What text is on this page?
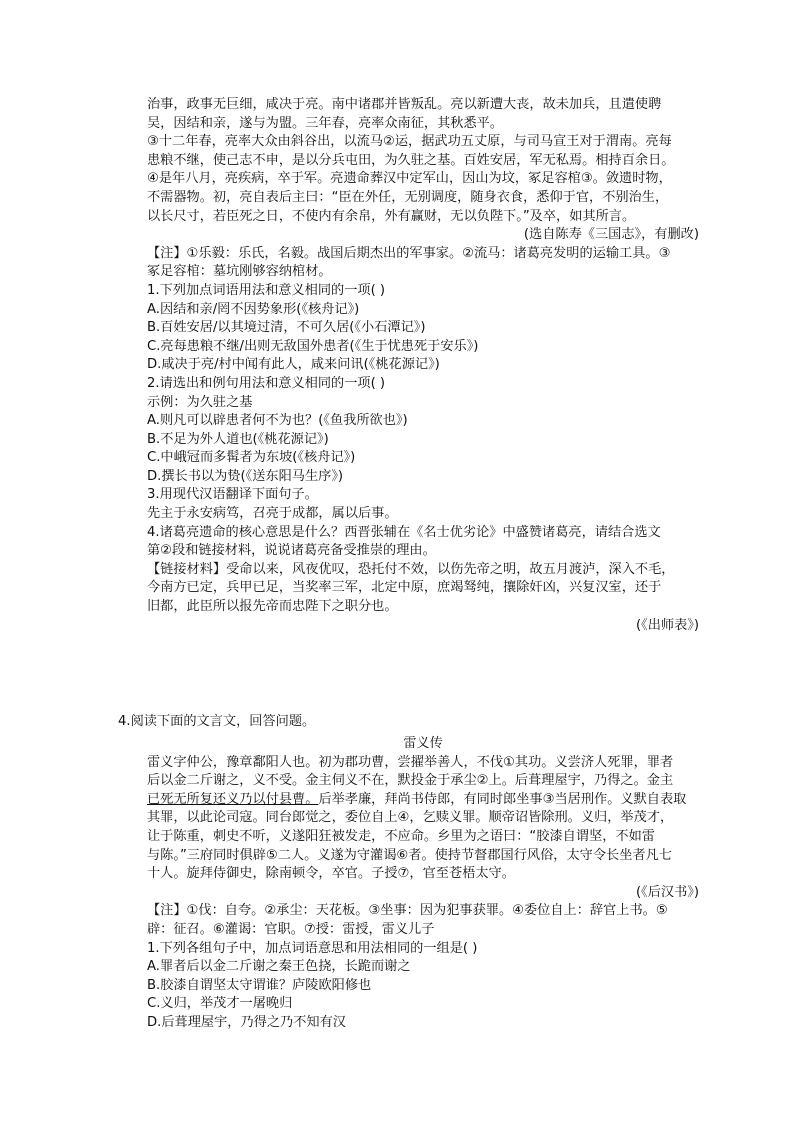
治事，政事无巨细，咸决于亮。南中诸郡并皆叛乱。亮以新遭大丧，故未加兵，且遣使聘
吴，因结和亲，遂与为盟。三年春，亮率众南征，其秋悉平。
③十二年春，亮率大众由斜谷出，以流马②运，据武功五丈原，与司马宣王对于渭南。亮每
患粮不继，使己志不申，是以分兵屯田，为久驻之基。百姓安居，军无私焉。相持百余日。
④是年八月，亮疾病，卒于军。亮遗命葬汉中定军山，因山为坟，冢足容棺③。敛遗时物，
不需器物。初，亮自表后主曰：“臣在外任，无别调度，随身衣食，悉仰于官，不别治生，
以长尺寸，若臣死之日，不使内有余帛，外有赢财，无以负陛下。”及卒，如其所言。
(选自陈寿《三国志》，有删改)
【注】①乐毅：乐氏，名毅。战国后期杰出的军事家。②流马：诸葛亮发明的运输工具。③
冢足容棺：墓坑刚够容纳棺材。
1.下列加点词语用法和意义相同的一项( )
A.因结和亲/罔不因势象形(《核舟记》)
B.百姓安居/以其境过清，不可久居(《小石潭记》)
C.亮每患粮不继/出则无敌国外患者(《生于忧患死于安乐》)
D.咸决于亮/村中闻有此人，咸来问讯(《桃花源记》)
2.请选出和例句用法和意义相同的一项( )
示例：为久驻之基
A.则凡可以辟患者何不为也？(《鱼我所欲也》)
B.不足为外人道也(《桃花源记》)
C.中峨冠而多髯者为东坡(《核舟记》)
D.撰长书以为贽(《送东阳马生序》)
3.用现代汉语翻译下面句子。
先主于永安病笃，召亮于成都，属以后事。
4.诸葛亮遗命的核心意思是什么？西晋张辅在《名士优劣论》中盛赞诸葛亮，请结合选文
第②段和链接材料，说说诸葛亮备受推崇的理由。
【链接材料】受命以来，风夜优叹，恐托付不效，以伤先帝之明，故五月渡泸，深入不毛，
今南方已定，兵甲已足，当奖率三军，北定中原，庶竭驽纯，攘除奸凶，兴复汉室，还于
旧都，此臣所以报先帝而忠陛下之职分也。
(《出师表》)
4.阅读下面的文言文，回答问题。
雷义传
雷义字仲公，豫章鄱阳人也。初为郡功曹，尝擢举善人，不伐①其功。义尝济人死罪，罪者
后以金二斤谢之，义不受。金主伺义不在，默投金于承尘②上。后葺理屋宇，乃得之。金主
已死无所复还义乃以付县曹。后举孝廉，拜尚书侍郎，有同时郎坐事③当居刑作。义默自表取
其罪，以此论司寇。同台郎觉之，委位自上④，乞赎义罪。顺帝诏皆除刑。义归，举茂才，
让于陈重，刺史不听，义遂阳狂被发走，不应命。乡里为之语曰：“胶漆自谓坚，不如雷
与陈。”三府同时俱辟⑤二人。义遂为守灌谒⑥者。使持节督郡国行风俗，太守令长坐者凡七
十人。旋拜侍御史，除南顿令，卒官。子授⑦，官至苍梧太守。
(《后汉书》)
【注】①伐：自夸。②承尘：天花板。③坐事：因为犯事获罪。④委位自上：辞官上书。⑤
辟：征召。⑥灌谒：官职。⑦授：雷授，雷义儿子
1.下列各组句子中，加点词语意思和用法相同的一组是( )
A.罪者后以金二斤谢之秦王色挠，长跪而谢之
B.胶漆自谓坚太守谓谁？庐陵欧阳修也
C.义归，举茂才一屠晚归
D.后葺理屋宇，乃得之乃不知有汉
